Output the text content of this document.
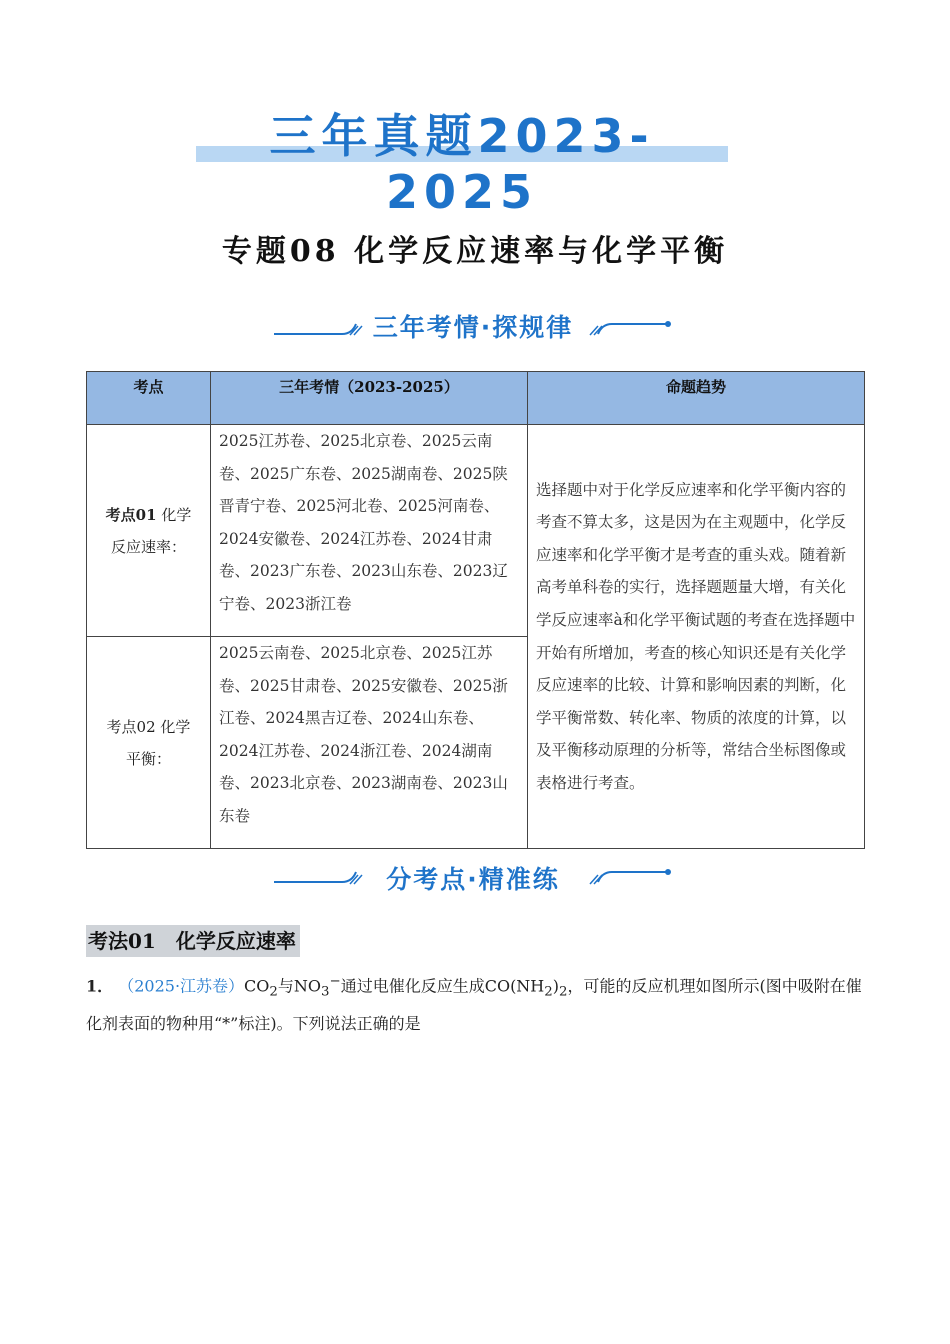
三年真题2023-2025
专题08 化学反应速率与化学平衡
三年考情·探规律
考点	三年考情（2023-2025）	命题趋势
考点01 化学
反应速率：	2025江苏卷、2025北京卷、2025云南卷、2025广东卷、2025湖南卷、2025陕晋青宁卷、2025河北卷、2025河南卷、2024安徽卷、2024江苏卷、2024甘肃卷、2023广东卷、2023山东卷、2023辽宁卷、2023浙江卷	选择题中对于化学反应速率和化学平衡内容的考查不算太多，这是因为在主观题中，化学反应速率和化学平衡才是考查的重头戏。随着新高考单科卷的实行，选择题题量大增，有关化学反应速率à和化学平衡试题的考查在选择题中开始有所增加，考查的核心知识还是有关化学反应速率的比较、计算和影响因素的判断，化学平衡常数、转化率、物质的浓度的计算，以及平衡移动原理的分析等，常结合坐标图像或表格进行考查。
考点02 化学
平衡：	2025云南卷、2025北京卷、2025江苏卷、2025甘肃卷、2025安徽卷、2025浙江卷、2024黑吉辽卷、2024山东卷、2024江苏卷、2024浙江卷、2024湖南卷、2023北京卷、2023湖南卷、2023山东卷	
分考点·精准练
考法01　化学反应速率
1． （2025·江苏卷）$CO_2$与$NO_3^-$通过电催化反应生成$CO(NH_2)_2$，可能的反应机理如图所示(图中吸附在催化剂表面的物种用“*”标注)。下列说法正确的是
